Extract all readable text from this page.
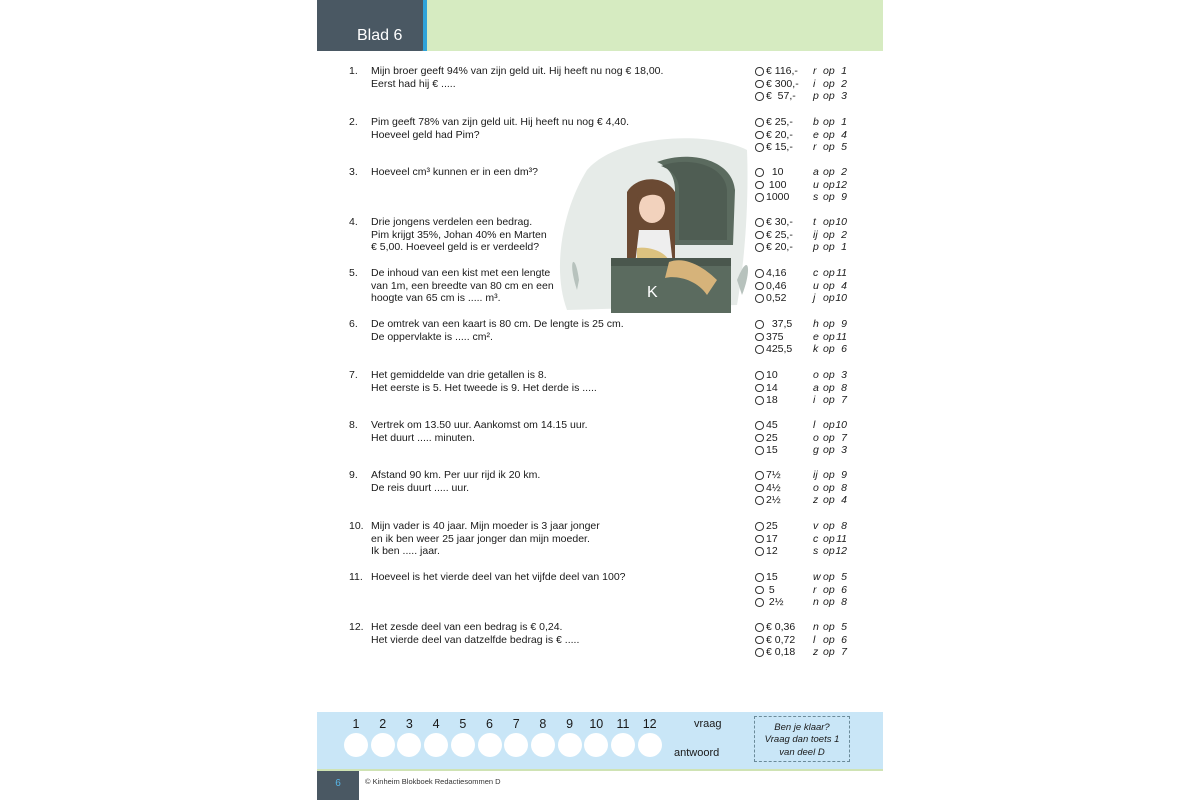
Blad 6
1.	Mijn broer geeft 94% van zijn geld uit. Hij heeft nu nog € 18,00.
Eerst had hij € .....
€ 116,- r op 1
€ 300,- i op 2
€  57,- p op 3
2.	Pim geeft 78% van zijn geld uit. Hij heeft nu nog € 4,40.
Hoeveel geld had Pim?
€ 25,- b op 1
€ 20,- e op 4
€ 15,- r op 5
3.	Hoeveel cm³ kunnen er in een dm³?	10	a op 2
100	u op 12
1000 s op 9
4.	Drie jongens verdelen een bedrag.
Pim krijgt 35%, Johan 40% en Marten
€ 5,00. Hoeveel geld is er verdeeld?
€ 30,- t op 10
€ 25,- ij op 2
€ 20,- p op 1
5.	De inhoud van een kist met een lengte
van 1m, een breedte van 80 cm en een
hoogte van 65 cm is ..... m³.
4,16	c op 11
0,46	u op 4
0,52	j op 10
6.	De omtrek van een kaart is 80 cm. De lengte is 25 cm.
De oppervlakte is ..... cm².
37,5 h op 9
375	e op 11
425,5 k op 6
7.	Het gemiddelde van drie getallen is 8.
Het eerste is 5. Het tweede is 9. Het derde is .....
10	o op 3
14	a op 8
18	i op 7
8.	Vertrek om 13.50 uur. Aankomst om 14.15 uur.
Het duurt ..... minuten.
45	l op 10
25	o op 7
15	g op 3
9.	Afstand 90 km. Per uur rijd ik 20 km.
De reis duurt ..... uur.
7½	ij op 9
4½	o op 8
2½	z op 4
10. Mijn vader is 40 jaar. Mijn moeder is 3 jaar jonger
en ik ben weer 25 jaar jonger dan mijn moeder.
Ik ben ..... jaar.
25	v op 8
17	c op 11
12	s op 12
11. Hoeveel is het vierde deel van het vijfde deel van 100?	15	w op 5
5	r op 6
2½	n op 8
12. Het zesde deel van een bedrag is € 0,24.
Het vierde deel van datzelfde bedrag is € .....
€ 0,36 n op 5
€ 0,72 l op 6
€ 0,18 z op 7
K
1	2	3	4	5	6	7	8	9	10	11	12	vraag
antwoord
Ben je klaar?
Vraag dan toets 1
van deel D
6	© Kinheim Blokboek Redactiesommen D
